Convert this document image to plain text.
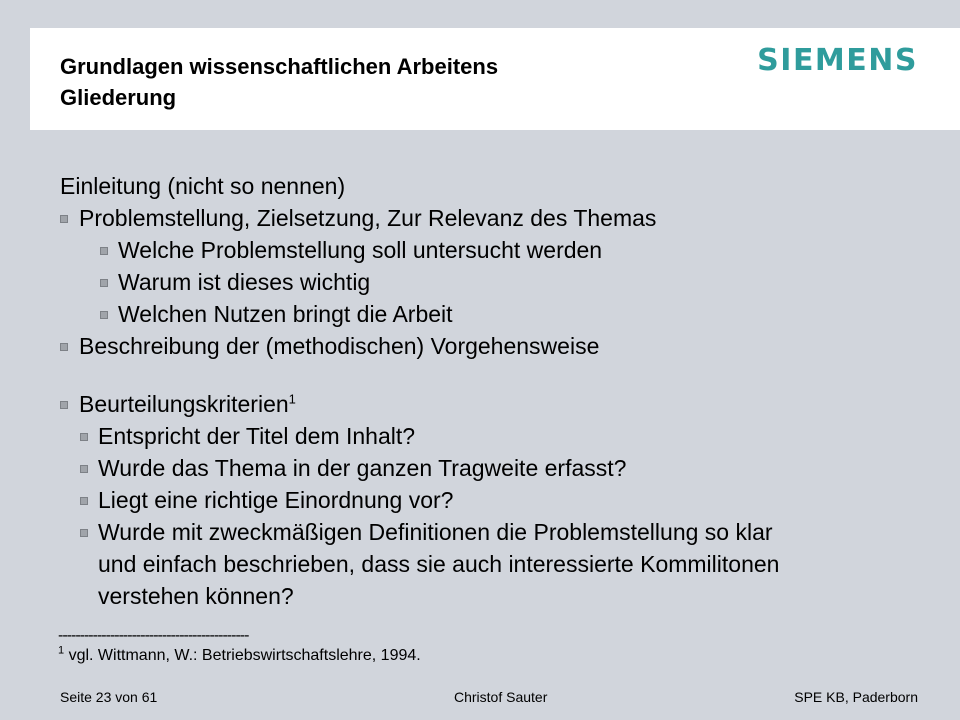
Grundlagen wissenschaftlichen Arbeitens
Gliederung
SIEMENS
Einleitung (nicht so nennen)
Problemstellung, Zielsetzung, Zur Relevanz des Themas
Welche Problemstellung soll untersucht werden
Warum ist dieses wichtig
Welchen Nutzen bringt die Arbeit
Beschreibung der (methodischen) Vorgehensweise
Beurteilungskriterien$^1$
Entspricht der Titel dem Inhalt?
Wurde das Thema in der ganzen Tragweite erfasst?
Liegt eine richtige Einordnung vor?
Wurde mit zweckmäßigen Definitionen die Problemstellung so klar
und einfach beschrieben, dass sie auch interessierte Kommilitonen
verstehen können?
--------------------------------------------
$^1$ vgl. Wittmann, W.: Betriebswirtschaftslehre, 1994.
Seite 23 von 61	Christof Sauter	SPE KB, Paderborn
